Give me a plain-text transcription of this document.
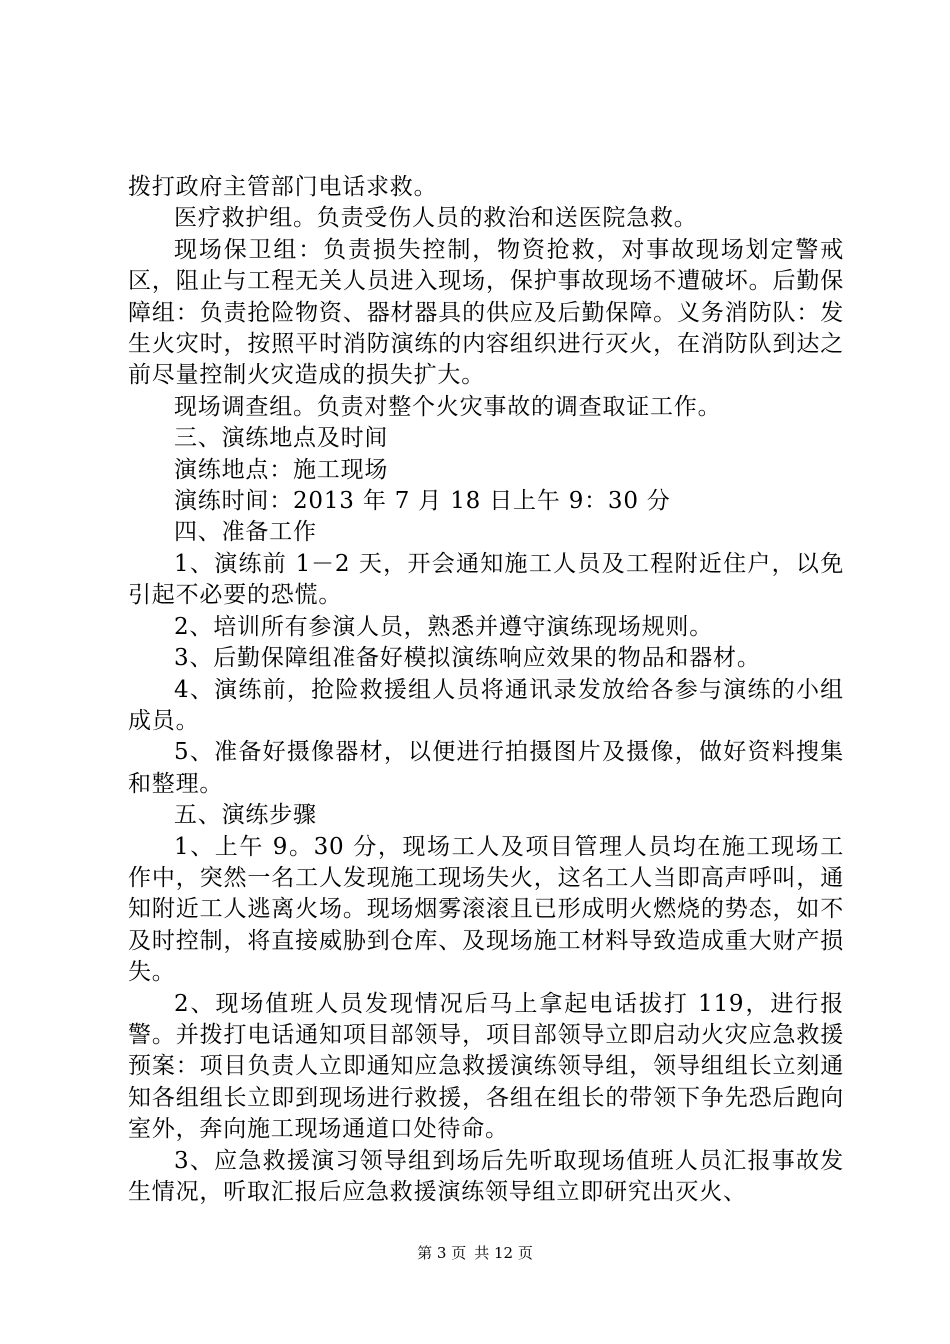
拨打政府主管部门电话求救。

医疗救护组。负责受伤人员的救治和送医院急救。

现场保卫组：负责损失控制，物资抢救，对事故现场划定警戒区，阻止与工程无关人员进入现场，保护事故现场不遭破坏。后勤保障组：负责抢险物资、器材器具的供应及后勤保障。义务消防队：发生火灾时，按照平时消防演练的内容组织进行灭火，在消防队到达之前尽量控制火灾造成的损失扩大。

现场调查组。负责对整个火灾事故的调查取证工作。

三、演练地点及时间

演练地点：施工现场

演练时间：2013 年 7 月 18 日上午 9：30 分

四、准备工作

1、演练前 1－2 天，开会通知施工人员及工程附近住户，以免引起不必要的恐慌。

2、培训所有参演人员，熟悉并遵守演练现场规则。

3、后勤保障组准备好模拟演练响应效果的物品和器材。

4、演练前，抢险救援组人员将通讯录发放给各参与演练的小组成员。

5、准备好摄像器材，以便进行拍摄图片及摄像，做好资料搜集和整理。

五、演练步骤

1、上午 9。30 分，现场工人及项目管理人员均在施工现场工作中，突然一名工人发现施工现场失火，这名工人当即高声呼叫，通知附近工人逃离火场。现场烟雾滚滚且已形成明火燃烧的势态，如不及时控制，将直接威胁到仓库、及现场施工材料导致造成重大财产损失。

2、现场值班人员发现情况后马上拿起电话拔打 119，进行报警。并拨打电话通知项目部领导，项目部领导立即启动火灾应急救援预案：项目负责人立即通知应急救援演练领导组，领导组组长立刻通知各组组长立即到现场进行救援，各组在组长的带领下争先恐后跑向室外，奔向施工现场通道口处待命。

3、应急救援演习领导组到场后先听取现场值班人员汇报事故发生情况，听取汇报后应急救援演练领导组立即研究出灭火、

第 3 页 共 12 页
